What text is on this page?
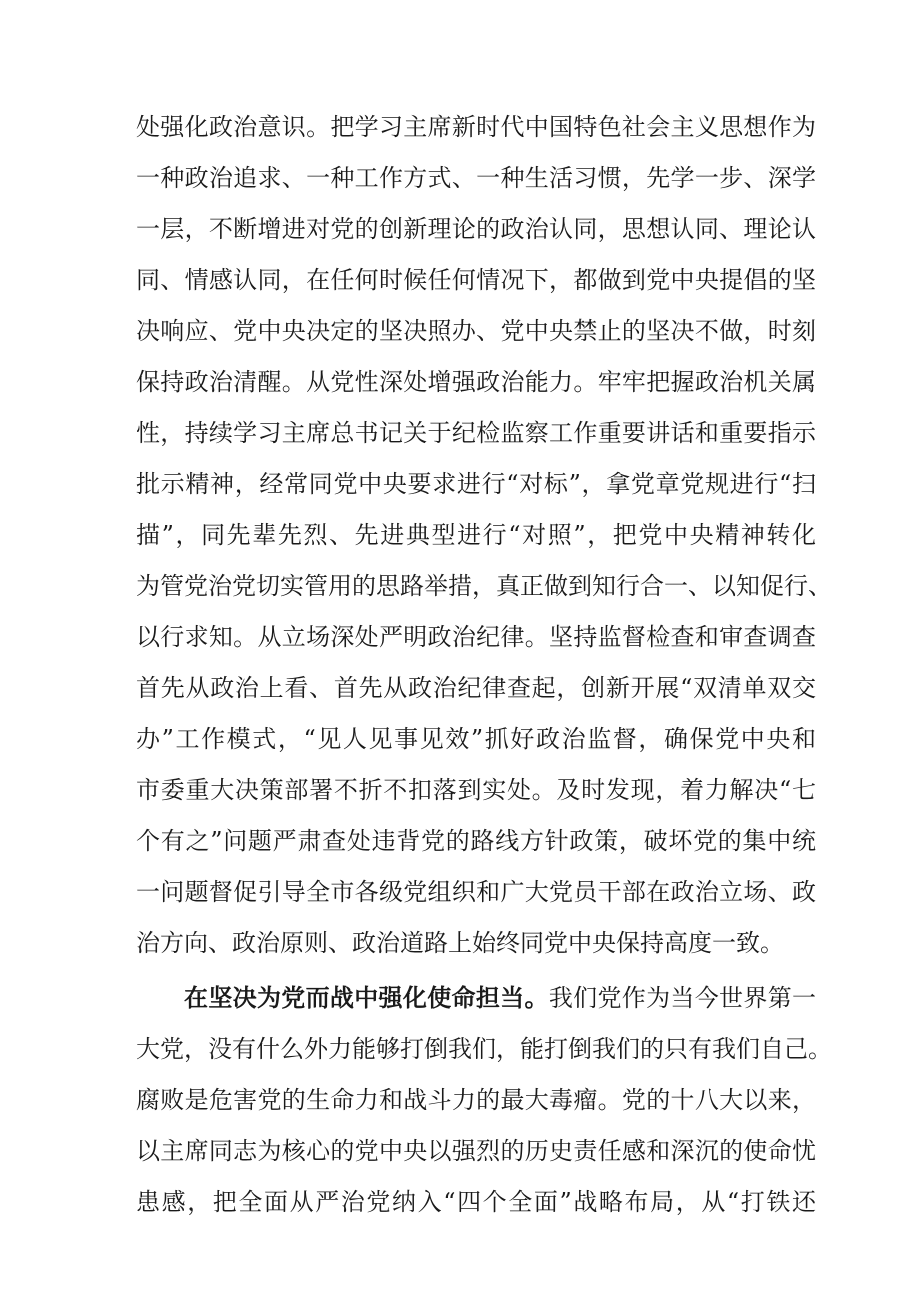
处强化政治意识。把学习主席新时代中国特色社会主义思想作为
一种政治追求、一种工作方式、一种生活习惯，先学一步、深学
一层，不断增进对党的创新理论的政治认同，思想认同、理论认
同、情感认同，在任何时候任何情况下，都做到党中央提倡的坚
决响应、党中央决定的坚决照办、党中央禁止的坚决不做，时刻
保持政治清醒。从党性深处增强政治能力。牢牢把握政治机关属
性，持续学习主席总书记关于纪检监察工作重要讲话和重要指示
批示精神，经常同党中央要求进行“对标”，拿党章党规进行“扫
描”，同先辈先烈、先进典型进行“对照”，把党中央精神转化
为管党治党切实管用的思路举措，真正做到知行合一、以知促行、
以行求知。从立场深处严明政治纪律。坚持监督检查和审查调查
首先从政治上看、首先从政治纪律查起，创新开展“双清单双交
办”工作模式，“见人见事见效”抓好政治监督，确保党中央和
市委重大决策部署不折不扣落到实处。及时发现，着力解决“七
个有之”问题严肃查处违背党的路线方针政策，破坏党的集中统
一问题督促引导全市各级党组织和广大党员干部在政治立场、政
治方向、政治原则、政治道路上始终同党中央保持高度一致。
在坚决为党而战中强化使命担当。我们党作为当今世界第一
大党，没有什么外力能够打倒我们，能打倒我们的只有我们自己。
腐败是危害党的生命力和战斗力的最大毒瘤。党的十八大以来，
以主席同志为核心的党中央以强烈的历史责任感和深沉的使命忧
患感，把全面从严治党纳入“四个全面”战略布局，从“打铁还
